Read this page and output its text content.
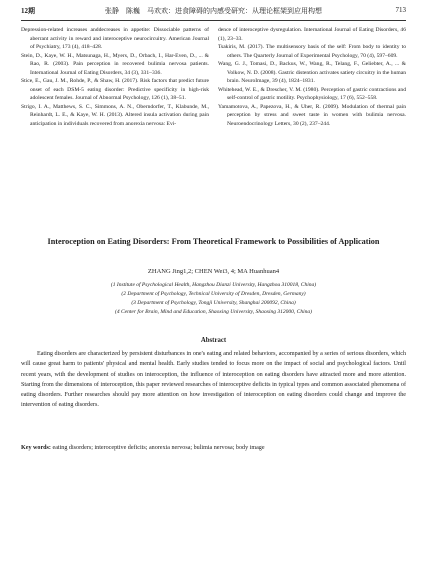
12期	张静　陈巍　马欢欢：进食障碍的内感受研究：从理论框架到应用构想	713

Depression-related increases anddecreases in appetite: Dissociable patterns of aberrant activity in reward and interoceptive neurocircuitry. American Journal of Psychiatry, 173 (4), 418–428.

Stein, D., Kaye, W. H., Matsunaga, H., Myers, D., Orbach, I., Har-Even, D., ... & Rao, R. (2003). Pain perception in recovered bulimia nervosa patients. International Journal of Eating Disorders, 34 (3), 331–336.

Stice, E., Gau, J. M., Rohde, P., & Shaw, H. (2017). Risk factors that predict future onset of each DSM-5 eating disorder: Predictive specificity in high-risk adolescent females. Journal of Abnormal Psychology, 126 (1), 38–51.

Strigo, I. A., Matthews, S. C., Simmons, A. N., Oberndorfer, T., Klabunde, M., Reinhardt, L. E., & Kaye, W. H. (2013). Altered insula activation during pain anticipation in individuals recovered from anorexia nervosa: Evi-

dence of interoceptive dysregulation. International Journal of Eating Disorders, 46 (1), 23–33.

Tsakiris, M. (2017). The multisensory basis of the self: From body to identity to others. The Quarterly Journal of Experimental Psychology, 70 (4), 597–609.

Wang, G. J., Tomasi, D., Backus, W., Wang, R., Telang, F., Geliebter, A., ... & Volkow, N. D. (2008). Gastric distention activates satiety circuitry in the human brain. NeuroImage, 39 (4), 1824–1831.

Whitehead, W. E., & Drescher, V. M. (1980). Perception of gastric contractions and self-control of gastric motility. Psychophysiology, 17 (6), 552–558.

Yamamotova, A., Papezova, H., & Uher, R. (2009). Modulation of thermal pain perception by stress and sweet taste in women with bulimia nervosa. Neuroendocrinology Letters, 30 (2), 237–244.

Interoception on Eating Disorders: From Theoretical Framework to Possibilities of Application
ZHANG Jing1,2; CHEN Wei3, 4; MA Huanhuan4
(1 Institute of Psychological Health, Hangzhou Dianzi University, Hangzhou 310018, China)
(2 Department of Psychology, Technical University of Dresden, Dresden, Germany)
(3 Department of Psychology, Tongji University, Shanghai 200092, China)
(4 Center for Brain, Mind and Education, Shaoxing University, Shaoxing 312000, China)
Abstract
Eating disorders are characterized by persistent disturbances in one's eating and related behaviors, accompanied by a series of serious disorders, which will cause great harm to patients' physical and mental health. Early studies tended to focus more on the impact of social and psychological factors. Until recent years, with the development of studies on interoception, the influence of interoception on eating disorders have attracted more and more attention. Starting from the dimensions of interoception, this paper reviewed researches of interoceptive deficits in typical types and common associated phenomena of eating disorders. Further researches should pay more attention on how investigation of interoception on eating disorders could change and improve the intervention of eating disorders.
Key words: eating disorders; interoceptive deficits; anorexia nervosa; bulimia nervosa; body image
